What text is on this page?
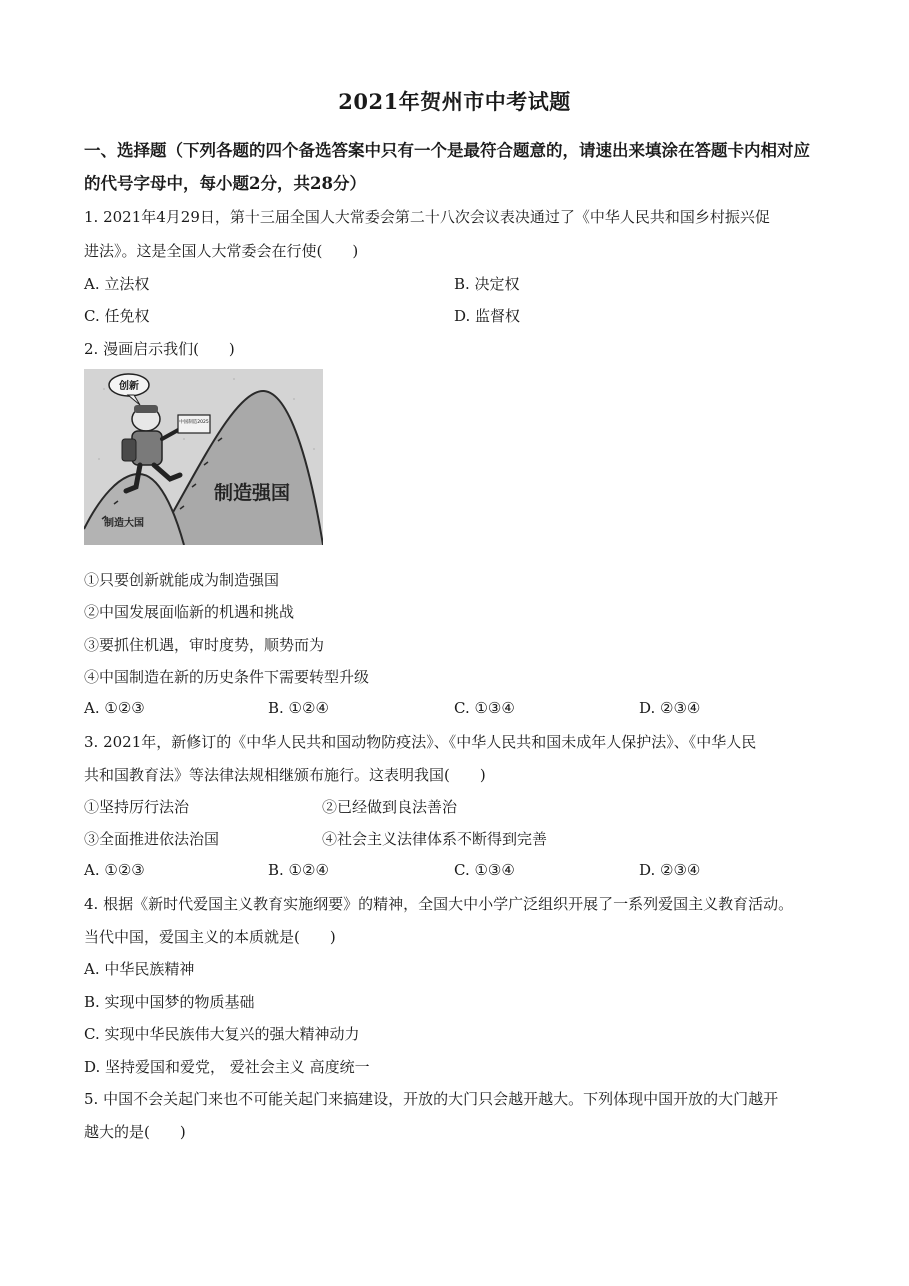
2021年贺州市中考试题
一、选择题（下列各题的四个备选答案中只有一个是最符合题意的，请速出来填涂在答题卡内相对应的代号字母中，每小题2分，共28分）
1. 2021年4月29日，第十三届全国人大常委会第二十八次会议表决通过了《中华人民共和国乡村振兴促
进法》。这是全国人大常委会在行使(　　)
A. 立法权	B. 决定权
C. 任免权	D. 监督权
2. 漫画启示我们(　　)
创新
中国制造2025
制造强国
制造大国
①只要创新就能成为制造强国
②中国发展面临新的机遇和挑战
③要抓住机遇，审时度势，顺势而为
④中国制造在新的历史条件下需要转型升级
A. ①②③	B. ①②④	C. ①③④	D. ②③④
3. 2021年，新修订的《中华人民共和国动物防疫法》、《中华人民共和国未成年人保护法》、《中华人民
共和国教育法》等法律法规相继颁布施行。这表明我国(　　)
①坚持厉行法治	②已经做到良法善治
③全面推进依法治国	④社会主义法律体系不断得到完善
A. ①②③	B. ①②④	C. ①③④	D. ②③④
4. 根据《新时代爱国主义教育实施纲要》的精神，全国大中小学广泛组织开展了一系列爱国主义教育活动。
当代中国，爱国主义的本质就是(　　)
A. 中华民族精神
B. 实现中国梦的物质基础
C. 实现中华民族伟大复兴的强大精神动力
D. 坚持爱国和爱党， 爱社会主义 高度统一
5. 中国不会关起门来也不可能关起门来搞建设，开放的大门只会越开越大。下列体现中国开放的大门越开
越大的是(　　)
